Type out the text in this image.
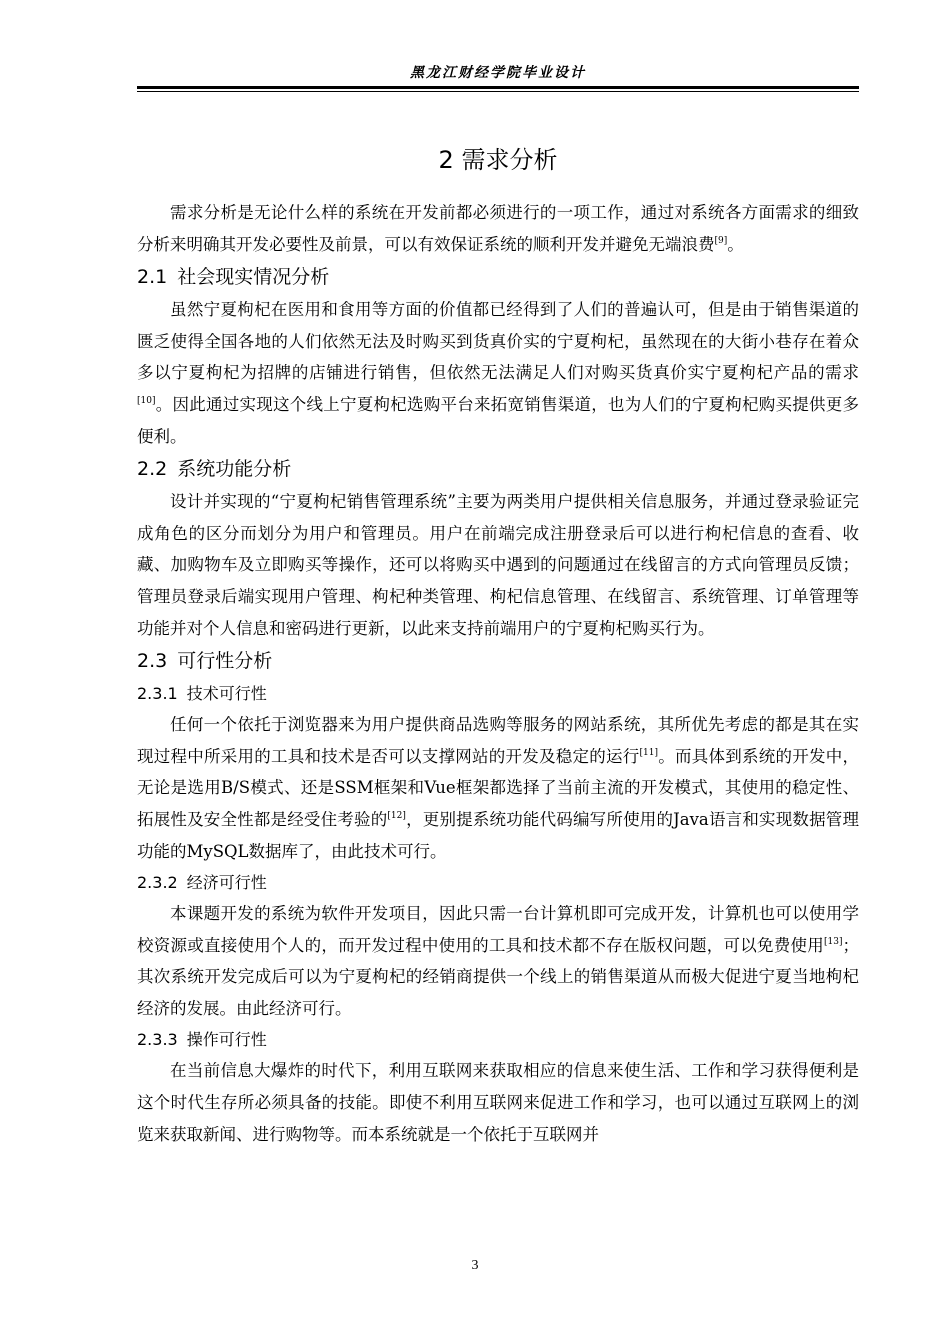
黑龙江财经学院毕业设计
2 需求分析

需求分析是无论什么样的系统在开发前都必须进行的一项工作，通过对系统各方面需求的细致分析来明确其开发必要性及前景，可以有效保证系统的顺利开发并避免无端浪费[9]。

2.1 社会现实情况分析

虽然宁夏枸杞在医用和食用等方面的价值都已经得到了人们的普遍认可，但是由于销售渠道的匮乏使得全国各地的人们依然无法及时购买到货真价实的宁夏枸杞，虽然现在的大街小巷存在着众多以宁夏枸杞为招牌的店铺进行销售，但依然无法满足人们对购买货真价实宁夏枸杞产品的需求[10]。因此通过实现这个线上宁夏枸杞选购平台来拓宽销售渠道，也为人们的宁夏枸杞购买提供更多便利。

2.2 系统功能分析

设计并实现的“宁夏枸杞销售管理系统”主要为两类用户提供相关信息服务，并通过登录验证完成角色的区分而划分为用户和管理员。用户在前端完成注册登录后可以进行枸杞信息的查看、收藏、加购物车及立即购买等操作，还可以将购买中遇到的问题通过在线留言的方式向管理员反馈；管理员登录后端实现用户管理、枸杞种类管理、枸杞信息管理、在线留言、系统管理、订单管理等功能并对个人信息和密码进行更新，以此来支持前端用户的宁夏枸杞购买行为。

2.3 可行性分析
2.3.1 技术可行性

任何一个依托于浏览器来为用户提供商品选购等服务的网站系统，其所优先考虑的都是其在实现过程中所采用的工具和技术是否可以支撑网站的开发及稳定的运行[11]。而具体到系统的开发中，无论是选用B/S模式、还是SSM框架和Vue框架都选择了当前主流的开发模式，其使用的稳定性、拓展性及安全性都是经受住考验的[12]，更别提系统功能代码编写所使用的Java语言和实现数据管理功能的MySQL数据库了，由此技术可行。

2.3.2 经济可行性

本课题开发的系统为软件开发项目，因此只需一台计算机即可完成开发，计算机也可以使用学校资源或直接使用个人的，而开发过程中使用的工具和技术都不存在版权问题，可以免费使用[13]；其次系统开发完成后可以为宁夏枸杞的经销商提供一个线上的销售渠道从而极大促进宁夏当地枸杞经济的发展。由此经济可行。

2.3.3 操作可行性

在当前信息大爆炸的时代下，利用互联网来获取相应的信息来使生活、工作和学习获得便利是这个时代生存所必须具备的技能。即使不利用互联网来促进工作和学习，也可以通过互联网上的浏览来获取新闻、进行购物等。而本系统就是一个依托于互联网并

3
